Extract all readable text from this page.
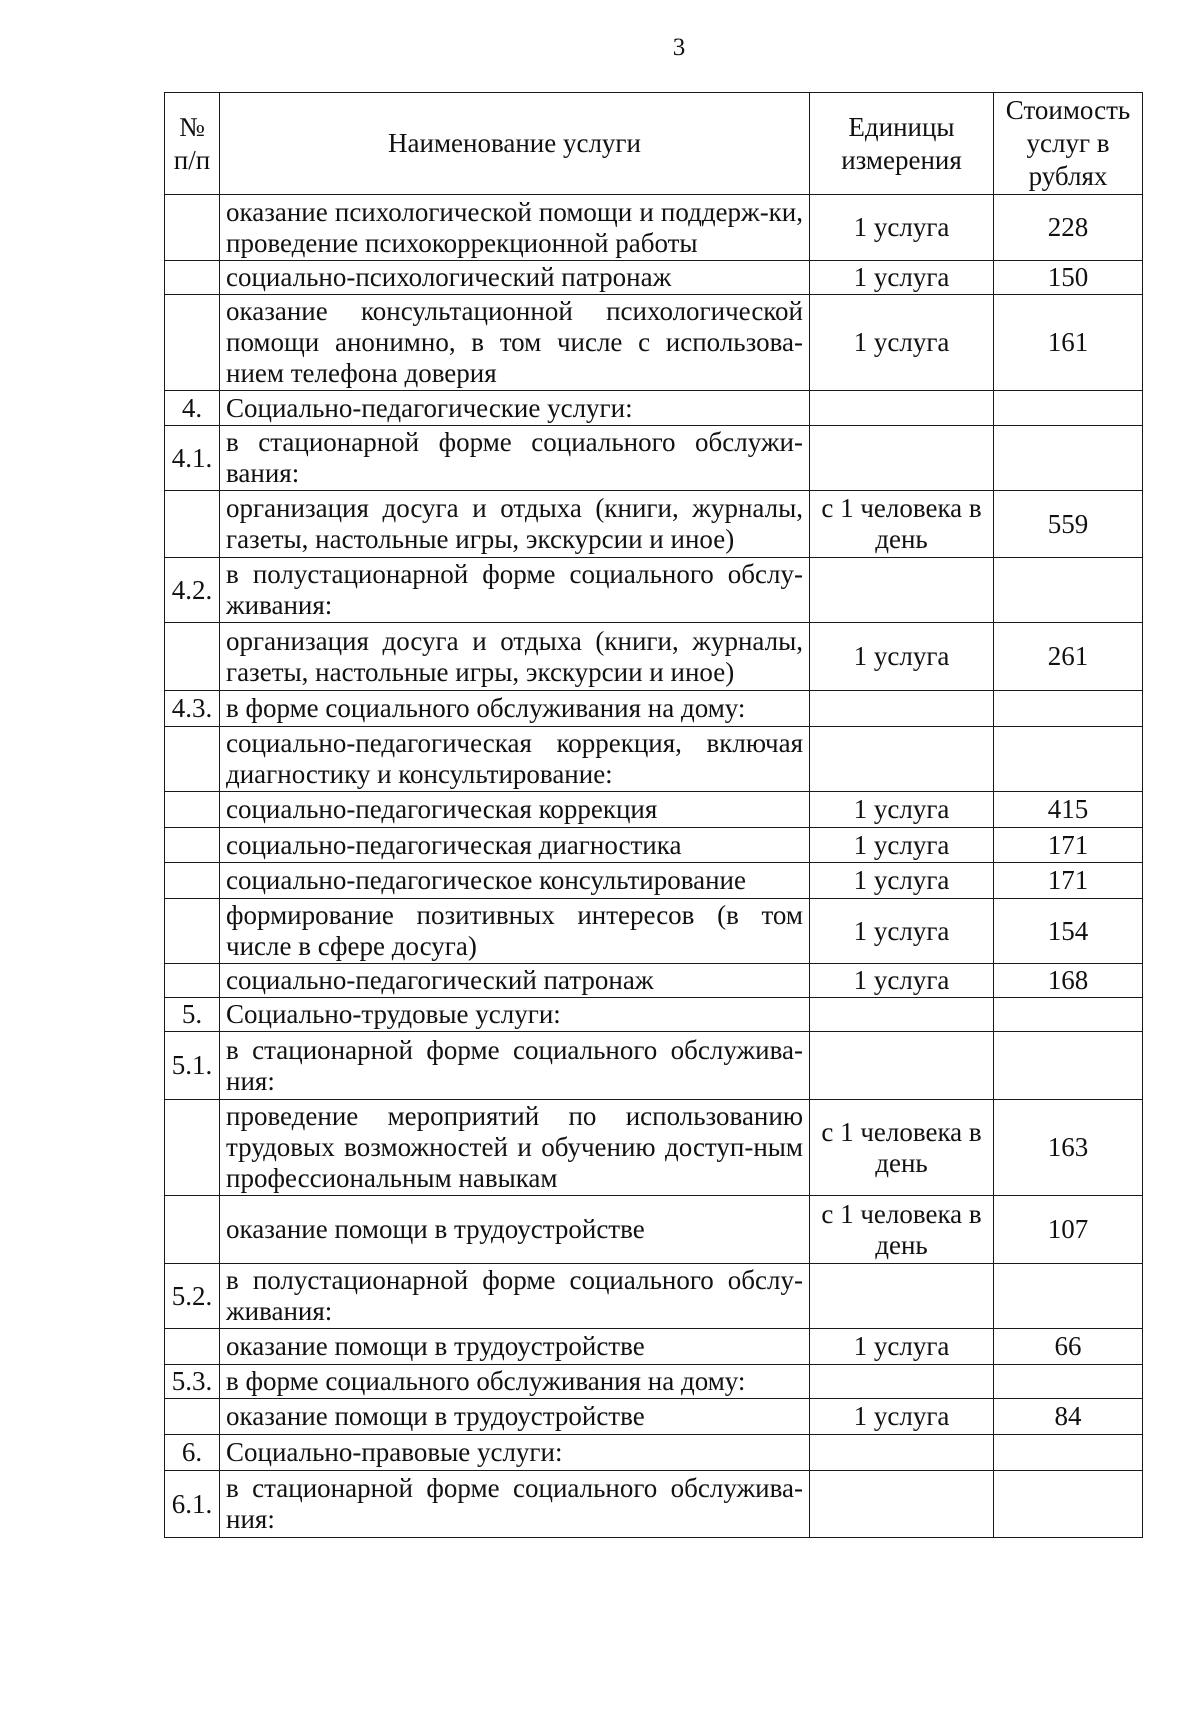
3
№ п/п	Наименование услуги	Единицы измерения	Стоимость услуг в рублях
	оказание психологической помощи и поддерж-ки, проведение психокоррекционной работы	1 услуга	228
	социально-психологический патронаж	1 услуга	150
	оказание консультационной психологической помощи анонимно, в том числе с использова-нием телефона доверия	1 услуга	161
4.	Социально-педагогические услуги:		
4.1.	в стационарной форме социального обслужи-вания:		
	организация досуга и отдыха (книги, журналы, газеты, настольные игры, экскурсии и иное)	с 1 человека в день	559
4.2.	в полустационарной форме социального обслу-живания:		
	организация досуга и отдыха (книги, журналы, газеты, настольные игры, экскурсии и иное)	1 услуга	261
4.3.	в форме социального обслуживания на дому:		
	социально-педагогическая коррекция, включая диагностику и консультирование:		
	социально-педагогическая коррекция	1 услуга	415
	социально-педагогическая диагностика	1 услуга	171
	социально-педагогическое консультирование	1 услуга	171
	формирование позитивных интересов (в том числе в сфере досуга)	1 услуга	154
	социально-педагогический патронаж	1 услуга	168
5.	Социально-трудовые услуги:		
5.1.	в стационарной форме социального обслужива-ния:		
	проведение мероприятий по использованию трудовых возможностей и обучению доступ-ным профессиональным навыкам	с 1 человека в день	163
	оказание помощи в трудоустройстве	с 1 человека в день	107
5.2.	в полустационарной форме социального обслу-живания:		
	оказание помощи в трудоустройстве	1 услуга	66
5.3.	в форме социального обслуживания на дому:		
	оказание помощи в трудоустройстве	1 услуга	84
6.	Социально-правовые услуги:		
6.1.	в стационарной форме социального обслужива-ния:		
